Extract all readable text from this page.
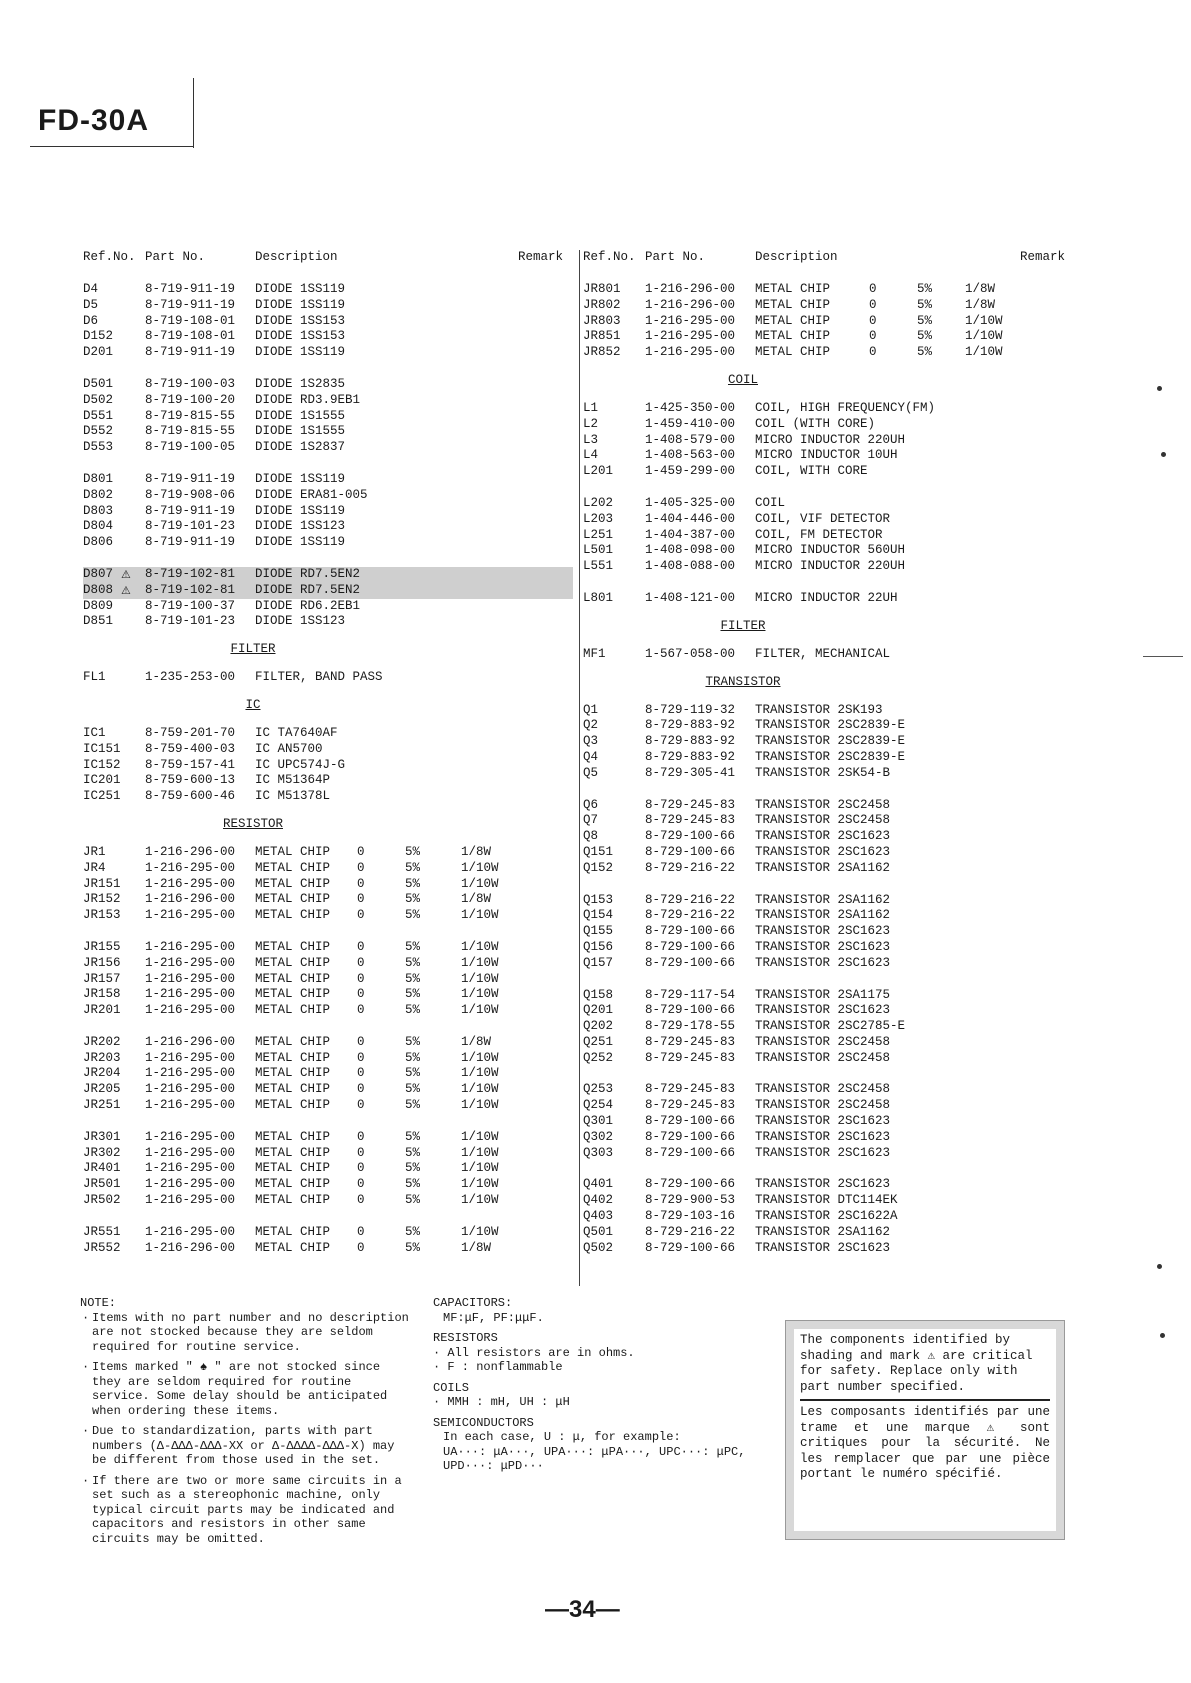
FD-30A
Ref.No. Part No.	Description	Remark
D4	8-719-911-19 DIODE 1SS119
D5	8-719-911-19 DIODE 1SS119
D6	8-719-108-01 DIODE 1SS153
D152	8-719-108-01 DIODE 1SS153
D201	8-719-911-19 DIODE 1SS119
D501	8-719-100-03 DIODE 1S2835
D502	8-719-100-20 DIODE RD3.9EB1
D551	8-719-815-55 DIODE 1S1555
D552	8-719-815-55 DIODE 1S1555
D553	8-719-100-05 DIODE 1S2837
D801	8-719-911-19 DIODE 1SS119
D802	8-719-908-06 DIODE ERA81-005
D803	8-719-911-19 DIODE 1SS119
D804	8-719-101-23 DIODE 1SS123
D806	8-719-911-19 DIODE 1SS119
D807 ⚠ 8-719-102-81 DIODE RD7.5EN2
D808 ⚠ 8-719-102-81 DIODE RD7.5EN2
D809	8-719-100-37 DIODE RD6.2EB1
D851	8-719-101-23 DIODE 1SS123
FILTER
FL1	1-235-253-00 FILTER, BAND PASS
IC
IC1	8-759-201-70 IC TA7640AF
IC151 8-759-400-03 IC AN5700
IC152 8-759-157-41 IC UPC574J-G
IC201 8-759-600-13 IC M51364P
IC251 8-759-600-46 IC M51378L
RESISTOR
JR1	1-216-296-00 METAL CHIP 0	5%	1/8W
JR4	1-216-295-00 METAL CHIP 0	5%	1/10W
JR151 1-216-295-00 METAL CHIP 0	5%	1/10W
JR152 1-216-296-00 METAL CHIP 0	5%	1/8W
JR153 1-216-295-00 METAL CHIP 0	5%	1/10W
JR155 1-216-295-00 METAL CHIP 0	5%	1/10W
JR156 1-216-295-00 METAL CHIP 0	5%	1/10W
JR157 1-216-295-00 METAL CHIP 0	5%	1/10W
JR158 1-216-295-00 METAL CHIP 0	5%	1/10W
JR201 1-216-295-00 METAL CHIP 0	5%	1/10W
JR202 1-216-296-00 METAL CHIP 0	5%	1/8W
JR203 1-216-295-00 METAL CHIP 0	5%	1/10W
JR204 1-216-295-00 METAL CHIP 0	5%	1/10W
JR205 1-216-295-00 METAL CHIP 0	5%	1/10W
JR251 1-216-295-00 METAL CHIP 0	5%	1/10W
JR301 1-216-295-00 METAL CHIP 0	5%	1/10W
JR302 1-216-295-00 METAL CHIP 0	5%	1/10W
JR401 1-216-295-00 METAL CHIP 0	5%	1/10W
JR501 1-216-295-00 METAL CHIP 0	5%	1/10W
JR502 1-216-295-00 METAL CHIP 0	5%	1/10W
JR551 1-216-295-00 METAL CHIP 0	5%	1/10W
JR552 1-216-296-00 METAL CHIP 0	5%	1/8W
Ref.No. Part No.	Description	Remark
JR801 1-216-296-00 METAL CHIP	0	5%	1/8W
JR802 1-216-296-00 METAL CHIP	0	5%	1/8W
JR803 1-216-295-00 METAL CHIP	0	5%	1/10W
JR851 1-216-295-00 METAL CHIP	0	5%	1/10W
JR852 1-216-295-00 METAL CHIP	0	5%	1/10W
COIL
L1	1-425-350-00 COIL, HIGH FREQUENCY(FM)
L2	1-459-410-00 COIL (WITH CORE)
L3	1-408-579-00 MICRO INDUCTOR 220UH
L4	1-408-563-00 MICRO INDUCTOR 10UH
L201	1-459-299-00 COIL, WITH CORE
L202	1-405-325-00 COIL
L203	1-404-446-00 COIL, VIF DETECTOR
L251	1-404-387-00 COIL, FM DETECTOR
L501	1-408-098-00 MICRO INDUCTOR 560UH
L551	1-408-088-00 MICRO INDUCTOR 220UH
L801	1-408-121-00 MICRO INDUCTOR 22UH
FILTER
MF1	1-567-058-00 FILTER, MECHANICAL
TRANSISTOR
Q1	8-729-119-32 TRANSISTOR 2SK193
Q2	8-729-883-92 TRANSISTOR 2SC2839-E
Q3	8-729-883-92 TRANSISTOR 2SC2839-E
Q4	8-729-883-92 TRANSISTOR 2SC2839-E
Q5	8-729-305-41 TRANSISTOR 2SK54-B
Q6	8-729-245-83 TRANSISTOR 2SC2458
Q7	8-729-245-83 TRANSISTOR 2SC2458
Q8	8-729-100-66 TRANSISTOR 2SC1623
Q151	8-729-100-66 TRANSISTOR 2SC1623
Q152	8-729-216-22 TRANSISTOR 2SA1162
Q153	8-729-216-22 TRANSISTOR 2SA1162
Q154	8-729-216-22 TRANSISTOR 2SA1162
Q155	8-729-100-66 TRANSISTOR 2SC1623
Q156	8-729-100-66 TRANSISTOR 2SC1623
Q157	8-729-100-66 TRANSISTOR 2SC1623
Q158	8-729-117-54 TRANSISTOR 2SA1175
Q201	8-729-100-66 TRANSISTOR 2SC1623
Q202	8-729-178-55 TRANSISTOR 2SC2785-E
Q251	8-729-245-83 TRANSISTOR 2SC2458
Q252	8-729-245-83 TRANSISTOR 2SC2458
Q253	8-729-245-83 TRANSISTOR 2SC2458
Q254	8-729-245-83 TRANSISTOR 2SC2458
Q301	8-729-100-66 TRANSISTOR 2SC1623
Q302	8-729-100-66 TRANSISTOR 2SC1623
Q303	8-729-100-66 TRANSISTOR 2SC1623
Q401	8-729-100-66 TRANSISTOR 2SC1623
Q402	8-729-900-53 TRANSISTOR DTC114EK
Q403	8-729-103-16 TRANSISTOR 2SC1622A
Q501	8-729-216-22 TRANSISTOR 2SA1162
Q502	8-729-100-66 TRANSISTOR 2SC1623
NOTE:
· Items with no part number and no description are not stocked because they are seldom required for routine service.
· Items marked " ♠ " are not stocked since they are seldom required for routine service. Some delay should be anticipated when ordering these items.
· Due to standardization, parts with part numbers (Δ-ΔΔΔ-ΔΔΔ-XX or Δ-ΔΔΔΔ-ΔΔΔ-X) may be different from those used in the set.
· If there are two or more same circuits in a set such as a stereophonic machine, only typical circuit parts may be indicated and capacitors and resistors in other same circuits may be omitted.
CAPACITORS:
MF:μF, PF:μμF.
RESISTORS
· All resistors are in ohms.
· F : nonflammable
COILS
· MMH : mH, UH : μH
SEMICONDUCTORS
In each case, U : μ, for example:
UA···: μA···, UPA···: μPA···, UPC···: μPC,
UPD···: μPD···
The components identified by shading and mark ⚠ are critical for safety. Replace only with part number specified.
Les composants identifiés par une trame et une marque ⚠ sont critiques pour la sécurité. Ne les remplacer que par une pièce portant le numéro spécifié.
—34—
